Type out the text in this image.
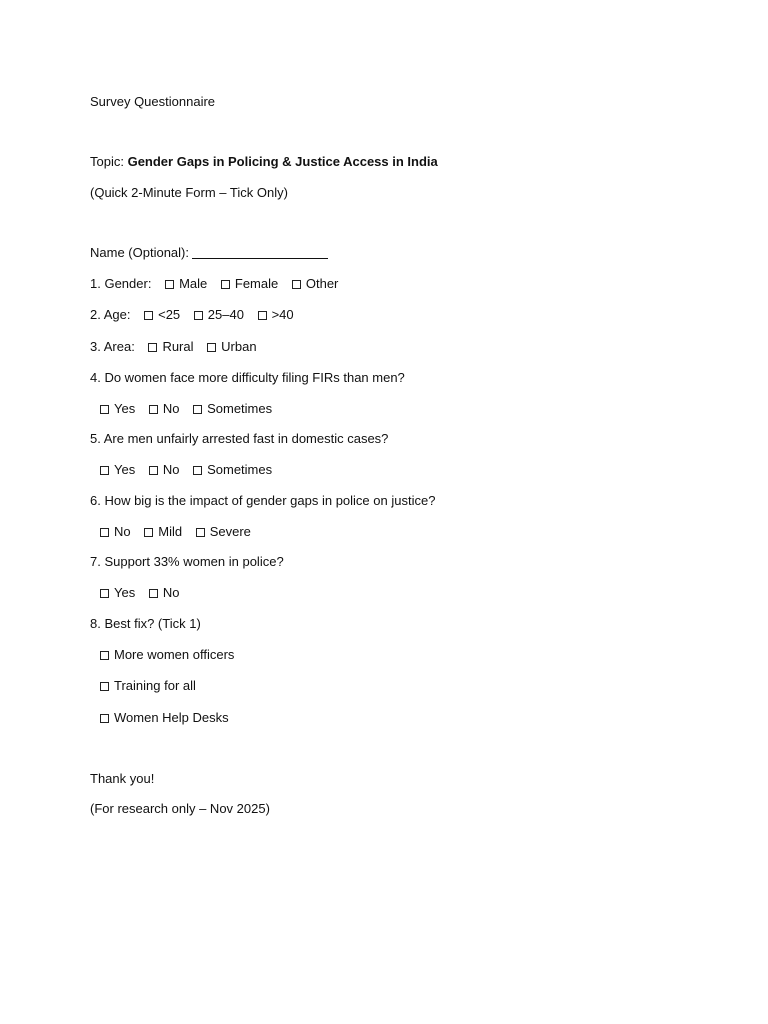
Survey Questionnaire
Topic: Gender Gaps in Policing & Justice Access in India
(Quick 2-Minute Form – Tick Only)
Name (Optional):
1. Gender: Male Female Other
2. Age: <25 25–40 >40
3. Area: Rural Urban
4. Do women face more difficulty filing FIRs than men?
Yes No Sometimes
5. Are men unfairly arrested fast in domestic cases?
Yes No Sometimes
6. How big is the impact of gender gaps in police on justice?
No Mild Severe
7. Support 33% women in police?
Yes No
8. Best fix? (Tick 1)
More women officers
Training for all
Women Help Desks
Thank you!
(For research only – Nov 2025)
